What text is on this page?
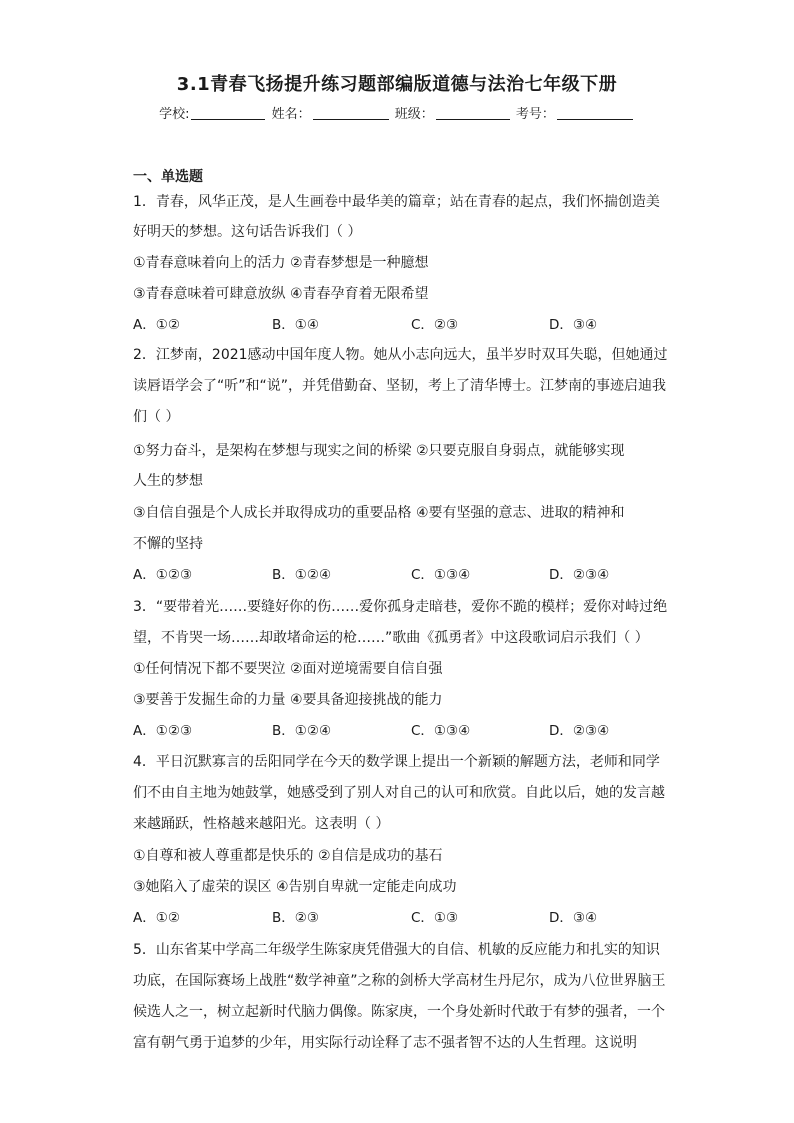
3.1青春飞扬提升练习题部编版道德与法治七年级下册
学校:	姓名：	班级：	考号：
一、单选题
1．青春，风华正茂，是人生画卷中最华美的篇章；站在青春的起点，我们怀揣创造美
好明天的梦想。这句话告诉我们（ ）
①青春意味着向上的活力 ②青春梦想是一种臆想
③青春意味着可肆意放纵 ④青春孕育着无限希望
A．①②	B．①④	C．②③	D．③④
2．江梦南，2021感动中国年度人物。她从小志向远大，虽半岁时双耳失聪，但她通过
读唇语学会了“听”和“说”，并凭借勤奋、坚韧，考上了清华博士。江梦南的事迹启迪我
们（ ）
①努力奋斗，是架构在梦想与现实之间的桥梁 ②只要克服自身弱点，就能够实现
人生的梦想
③自信自强是个人成长并取得成功的重要品格 ④要有坚强的意志、进取的精神和
不懈的坚持
A．①②③	B．①②④	C．①③④	D．②③④
3．“要带着光……要缝好你的伤……爱你孤身走暗巷，爱你不跪的模样；爱你对峙过绝
望，不肯哭一场……却敢堵命运的枪……”歌曲《孤勇者》中这段歌词启示我们（ ）
①任何情况下都不要哭泣 ②面对逆境需要自信自强
③要善于发掘生命的力量 ④要具备迎接挑战的能力
A．①②③	B．①②④	C．①③④	D．②③④
4．平日沉默寡言的岳阳同学在今天的数学课上提出一个新颖的解题方法，老师和同学
们不由自主地为她鼓掌，她感受到了别人对自己的认可和欣赏。自此以后，她的发言越
来越踊跃，性格越来越阳光。这表明（ ）
①自尊和被人尊重都是快乐的 ②自信是成功的基石
③她陷入了虚荣的误区 ④告别自卑就一定能走向成功
A．①②	B．②③	C．①③	D．③④
5．山东省某中学高二年级学生陈家庚凭借强大的自信、机敏的反应能力和扎实的知识
功底，在国际赛场上战胜“数学神童”之称的剑桥大学高材生丹尼尔，成为八位世界脑王
候选人之一，树立起新时代脑力偶像。陈家庚，一个身处新时代敢于有梦的强者，一个
富有朝气勇于追梦的少年，用实际行动诠释了志不强者智不达的人生哲理。这说明
